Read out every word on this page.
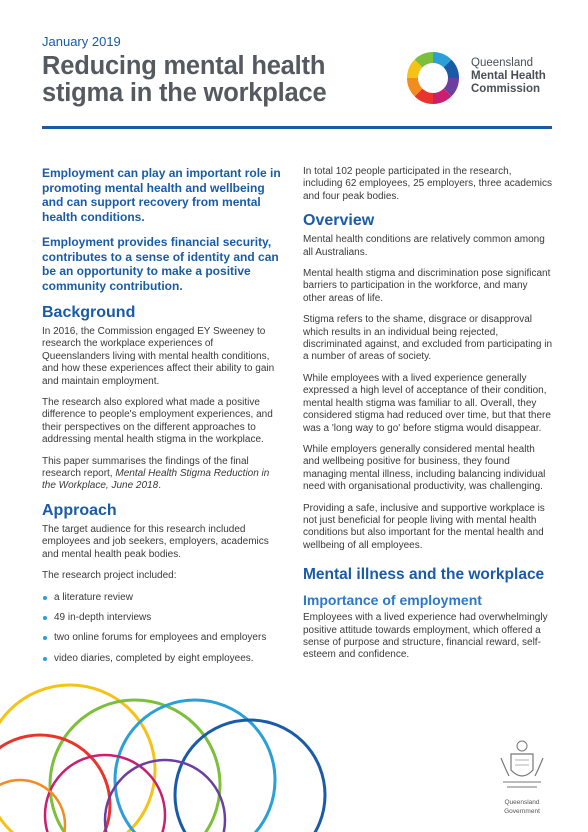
January 2019
Reducing mental health
stigma in the workplace
Queensland
Mental Health
Commission
Employment can play an important role in promoting mental health and wellbeing and can support recovery from mental health conditions.
Employment provides financial security, contributes to a sense of identity and can be an opportunity to make a positive community contribution.
Background

In 2016, the Commission engaged EY Sweeney to research the workplace experiences of Queenslanders living with mental health conditions, and how these experiences affect their ability to gain and maintain employment.

The research also explored what made a positive difference to people's employment experiences, and their perspectives on the different approaches to addressing mental health stigma in the workplace.

This paper summarises the findings of the final research report, Mental Health Stigma Reduction in the Workplace, June 2018.

Approach

The target audience for this research included employees and job seekers, employers, academics and mental health peak bodies.

The research project included:

a literature review
49 in-depth interviews
two online forums for employees and employers
video diaries, completed by eight employees.

In total 102 people participated in the research, including 62 employees, 25 employers, three academics and four peak bodies.

Overview

Mental health conditions are relatively common among all Australians.

Mental health stigma and discrimination pose significant barriers to participation in the workforce, and many other areas of life.

Stigma refers to the shame, disgrace or disapproval which results in an individual being rejected, discriminated against, and excluded from participating in a number of areas of society.

While employees with a lived experience generally expressed a high level of acceptance of their condition, mental health stigma was familiar to all. Overall, they considered stigma had reduced over time, but that there was a 'long way to go' before stigma would disappear.

While employers generally considered mental health and wellbeing positive for business, they found managing mental illness, including balancing individual need with organisational productivity, was challenging.

Providing a safe, inclusive and supportive workplace is not just beneficial for people living with mental health conditions but also important for the mental health and wellbeing of all employees.

Mental illness and the workplace
Importance of employment

Employees with a lived experience had overwhelmingly positive attitude towards employment, which offered a sense of purpose and structure, financial reward, self-esteem and confidence.

Queensland
Government
